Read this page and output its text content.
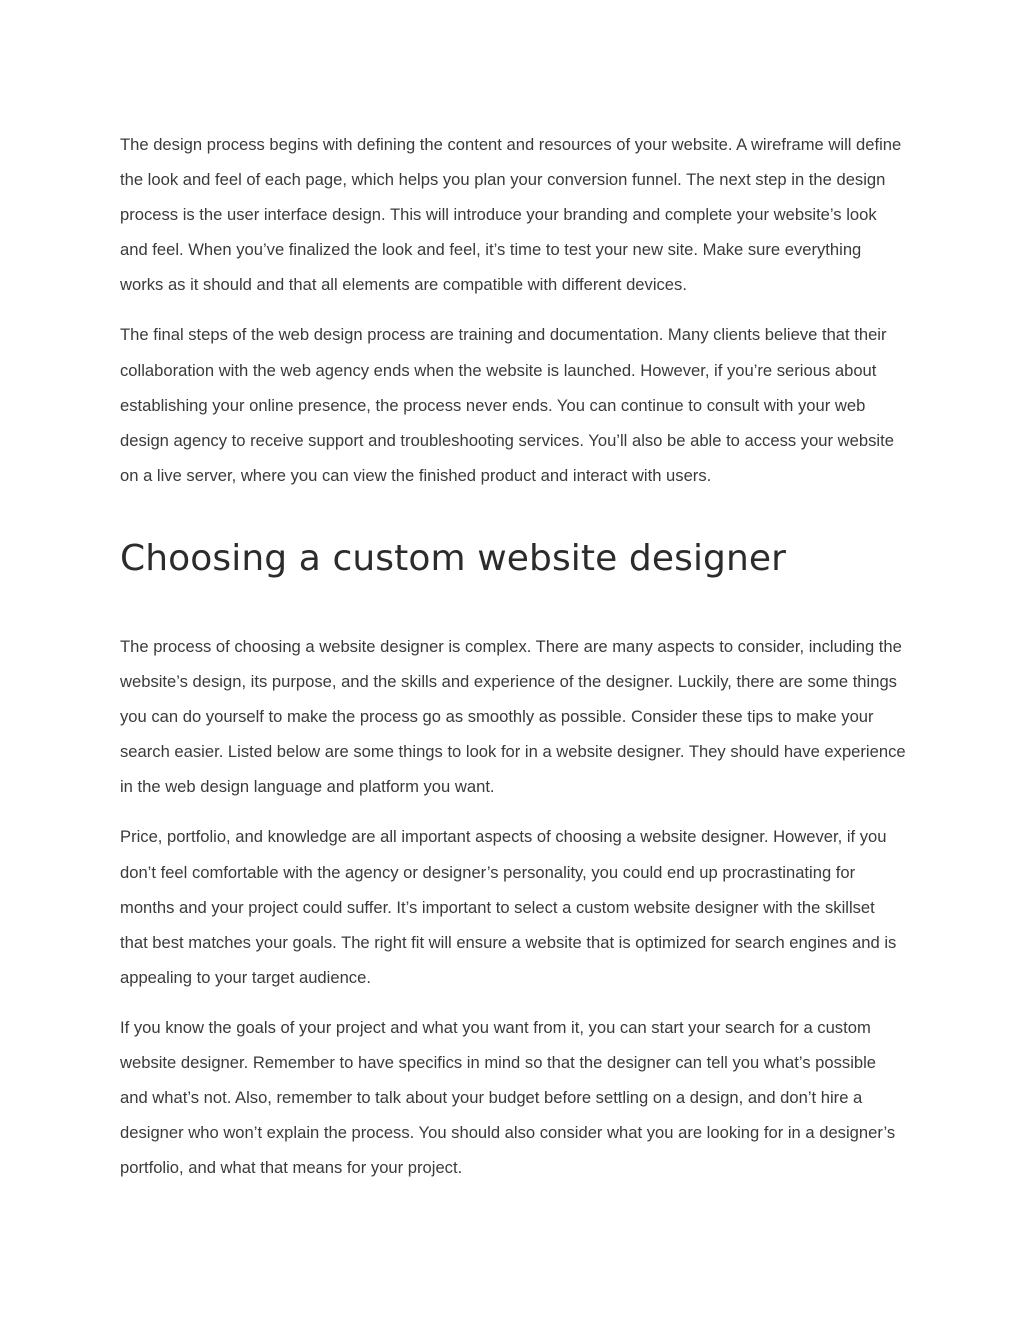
The design process begins with defining the content and resources of your website. A wireframe will define the look and feel of each page, which helps you plan your conversion funnel. The next step in the design process is the user interface design. This will introduce your branding and complete your website’s look and feel. When you’ve finalized the look and feel, it’s time to test your new site. Make sure everything works as it should and that all elements are compatible with different devices.

The final steps of the web design process are training and documentation. Many clients believe that their collaboration with the web agency ends when the website is launched. However, if you’re serious about establishing your online presence, the process never ends. You can continue to consult with your web design agency to receive support and troubleshooting services. You’ll also be able to access your website on a live server, where you can view the finished product and interact with users.

Choosing a custom website designer

The process of choosing a website designer is complex. There are many aspects to consider, including the website’s design, its purpose, and the skills and experience of the designer. Luckily, there are some things you can do yourself to make the process go as smoothly as possible. Consider these tips to make your search easier. Listed below are some things to look for in a website designer. They should have experience in the web design language and platform you want.

Price, portfolio, and knowledge are all important aspects of choosing a website designer. However, if you don’t feel comfortable with the agency or designer’s personality, you could end up procrastinating for months and your project could suffer. It’s important to select a custom website designer with the skillset that best matches your goals. The right fit will ensure a website that is optimized for search engines and is appealing to your target audience.

If you know the goals of your project and what you want from it, you can start your search for a custom website designer. Remember to have specifics in mind so that the designer can tell you what’s possible and what’s not. Also, remember to talk about your budget before settling on a design, and don’t hire a designer who won’t explain the process. You should also consider what you are looking for in a designer’s portfolio, and what that means for your project.
